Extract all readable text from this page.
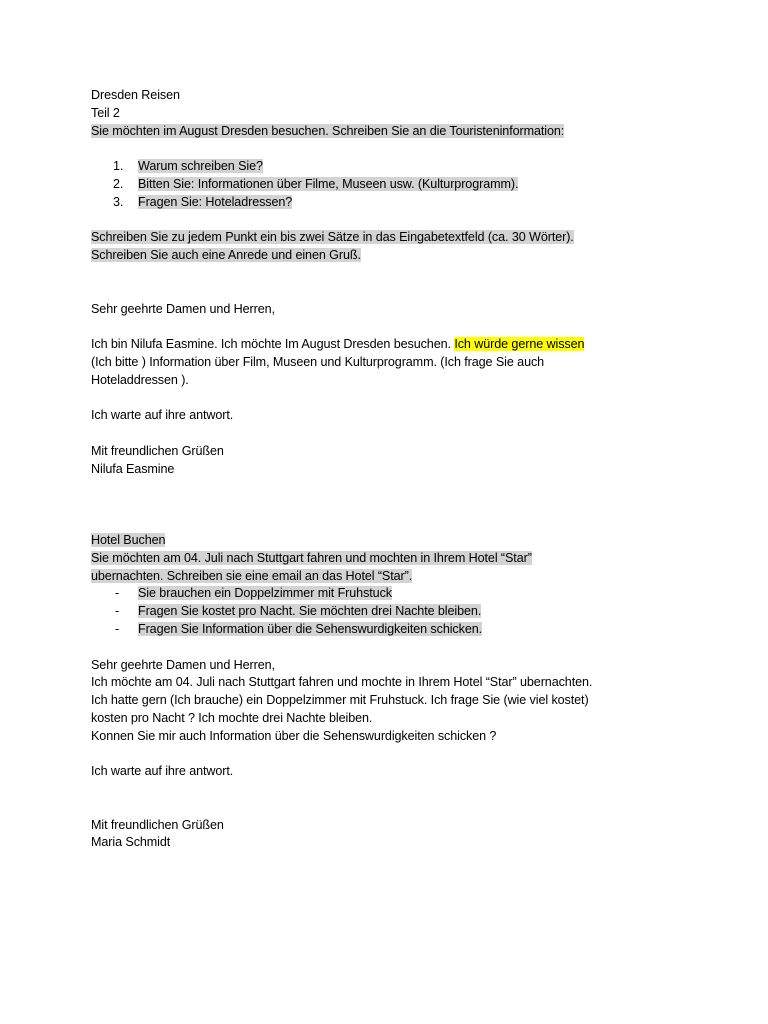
Dresden Reisen
Teil 2
Sie möchten im August Dresden besuchen. Schreiben Sie an die Touristeninformation:
1. Warum schreiben Sie?
2. Bitten Sie: Informationen über Filme, Museen usw. (Kulturprogramm).
3. Fragen Sie: Hoteladressen?
Schreiben Sie zu jedem Punkt ein bis zwei Sätze in das Eingabetextfeld (ca. 30 Wörter).
Schreiben Sie auch eine Anrede und einen Gruß.
Sehr geehrte Damen und Herren,
Ich bin Nilufa Easmine. Ich möchte Im August Dresden besuchen. Ich würde gerne wissen
(Ich bitte ) Information über Film, Museen und Kulturprogramm. (Ich frage Sie auch
Hoteladdressen ).
Ich warte auf ihre antwort.
Mit freundlichen Grüßen
Nilufa Easmine
Hotel Buchen
Sie möchten am 04. Juli nach Stuttgart fahren und mochten in Ihrem Hotel “Star”
ubernachten. Schreiben sie eine email an das Hotel “Star”.
- Sie brauchen ein Doppelzimmer mit Fruhstuck
- Fragen Sie kostet pro Nacht. Sie möchten drei Nachte bleiben.
- Fragen Sie Information über die Sehenswurdigkeiten schicken.
Sehr geehrte Damen und Herren,
Ich möchte am 04. Juli nach Stuttgart fahren und mochte in Ihrem Hotel “Star” ubernachten.
Ich hatte gern (Ich brauche) ein Doppelzimmer mit Fruhstuck. Ich frage Sie (wie viel kostet)
kosten pro Nacht ? Ich mochte drei Nachte bleiben.
Konnen Sie mir auch Information über die Sehenswurdigkeiten schicken ?
Ich warte auf ihre antwort.
Mit freundlichen Grüßen
Maria Schmidt
